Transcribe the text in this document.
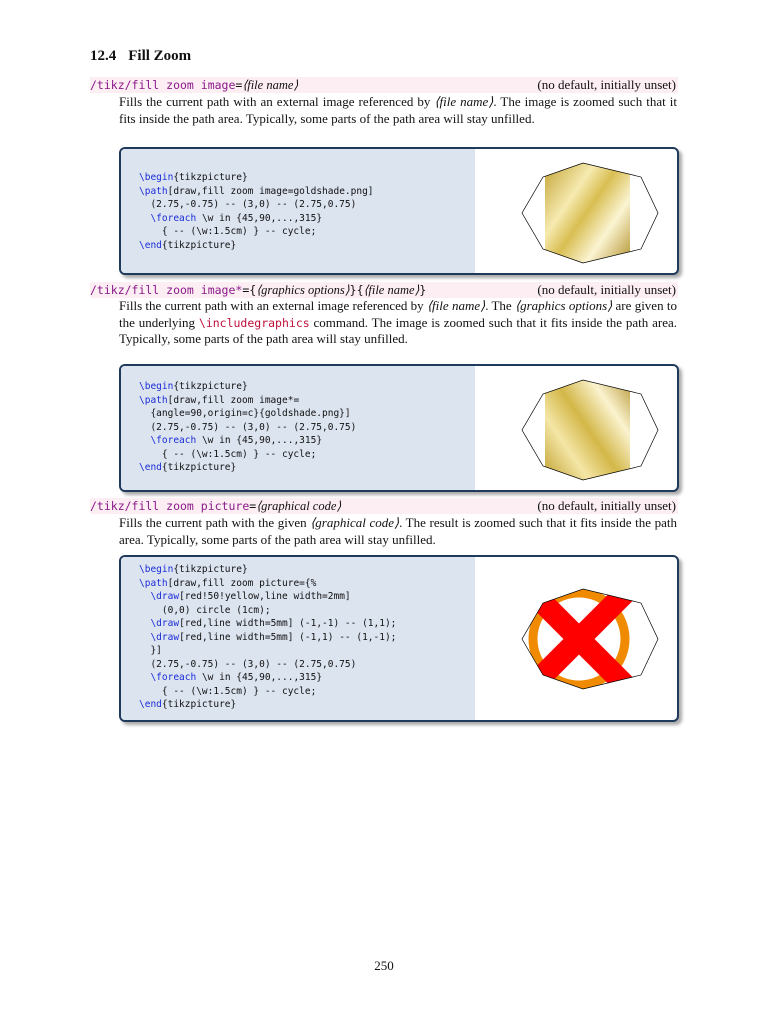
12.4 Fill Zoom
/tikz/fill zoom image=⟨file name⟩	(no default, initially unset)
Fills the current path with an external image referenced by ⟨file name⟩. The image is zoomed such that it fits inside the path area. Typically, some parts of the path area will stay unfilled.
\begin{tikzpicture}
\path[draw,fill zoom image=goldshade.png]
(2.75,-0.75) -- (3,0) -- (2.75,0.75)
\foreach \w in {45,90,...,315}
{ -- (\w:1.5cm) } -- cycle;
\end{tikzpicture}
/tikz/fill zoom image*={⟨graphics options⟩}{⟨file name⟩}	(no default, initially unset)
Fills the current path with an external image referenced by ⟨file name⟩. The ⟨graphics options⟩ are given to the underlying \includegraphics command. The image is zoomed such that it fits inside the path area. Typically, some parts of the path area will stay unfilled.
\begin{tikzpicture}
\path[draw,fill zoom image*=
{angle=90,origin=c}{goldshade.png}]
(2.75,-0.75) -- (3,0) -- (2.75,0.75)
\foreach \w in {45,90,...,315}
{ -- (\w:1.5cm) } -- cycle;
\end{tikzpicture}
/tikz/fill zoom picture=⟨graphical code⟩	(no default, initially unset)
Fills the current path with the given ⟨graphical code⟩. The result is zoomed such that it fits inside the path area. Typically, some parts of the path area will stay unfilled.
\begin{tikzpicture}
\path[draw,fill zoom picture={%
\draw[red!50!yellow,line width=2mm]
(0,0) circle (1cm);
\draw[red,line width=5mm] (-1,-1) -- (1,1);
\draw[red,line width=5mm] (-1,1) -- (1,-1);
}]
(2.75,-0.75) -- (3,0) -- (2.75,0.75)
\foreach \w in {45,90,...,315}
{ -- (\w:1.5cm) } -- cycle;
\end{tikzpicture}
250
